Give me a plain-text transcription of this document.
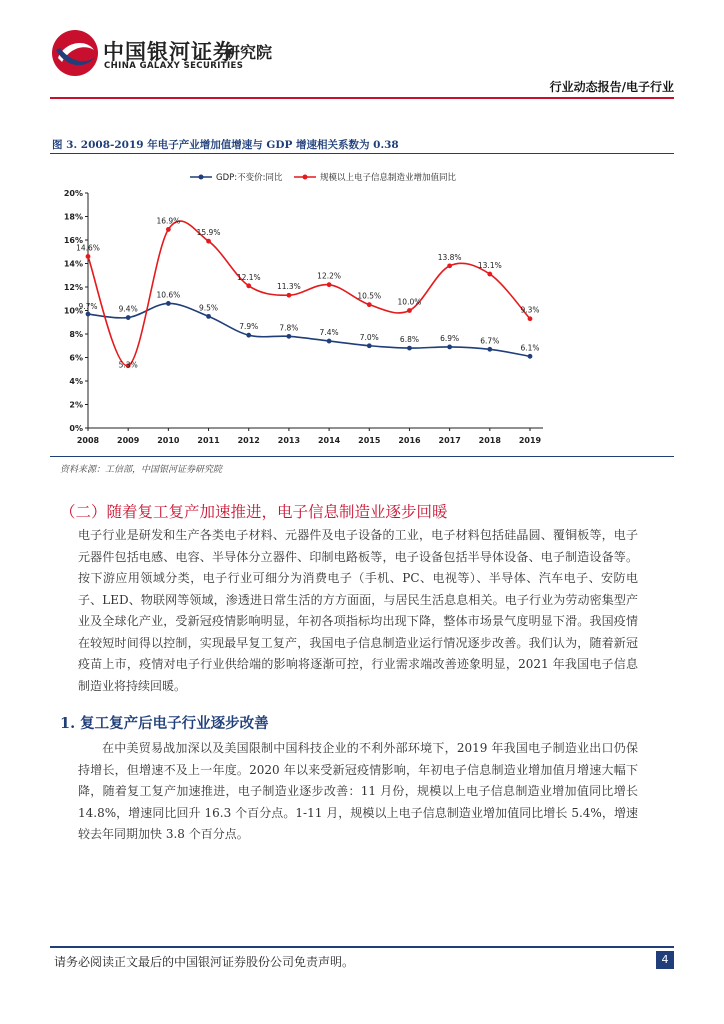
中国银河证券
研究院
CHINA GALAXY SECURITIES
行业动态报告/电子行业
图 3. 2008-2019 年电子产业增加值增速与 GDP 增速相关系数为 0.38
GDP:不变价:同比	规模以上电子信息制造业增加值同比
0%
2%
4%
6%
8%
10%
12%
14%
16%
18%
20%
2008 2009 2010 2011 2012 2013 2014 2015 2016 2017 2018 2019
9.7%	9.4%
10.6%
9.5%
7.9%	7.8%
7.4%
7.0%	6.8%	6.9%	6.7%
6.1%
14.6%
5.3%
16.9%
15.9%
12.1%
11.3%
12.2%
10.5%
10.0%
13.8%
13.1%
9.3%
资料来源：工信部，中国银河证券研究院
（二）随着复工复产加速推进，电子信息制造业逐步回暖
电子行业是研发和生产各类电子材料、元器件及电子设备的工业，电子材料包括硅晶圆、覆铜板等，电子元器件包括电感、电容、半导体分立器件、印制电路板等，电子设备包括半导体设备、电子制造设备等。按下游应用领域分类，电子行业可细分为消费电子（手机、PC、电视等）、半导体、汽车电子、安防电子、LED、物联网等领域，渗透进日常生活的方方面面，与居民生活息息相关。电子行业为劳动密集型产业及全球化产业，受新冠疫情影响明显，年初各项指标均出现下降，整体市场景气度明显下滑。我国疫情在较短时间得以控制，实现最早复工复产，我国电子信息制造业运行情况逐步改善。我们认为，随着新冠疫苗上市，疫情对电子行业供给端的影响将逐渐可控，行业需求端改善迹象明显，2021 年我国电子信息制造业将持续回暖。
1. 复工复产后电子行业逐步改善
在中美贸易战加深以及美国限制中国科技企业的不利外部环境下，2019 年我国电子制造业出口仍保持增长，但增速不及上一年度。2020 年以来受新冠疫情影响，年初电子信息制造业增加值月增速大幅下降，随着复工复产加速推进，电子制造业逐步改善：11 月份，规模以上电子信息制造业增加值同比增长 14.8%，增速同比回升 16.3 个百分点。1-11 月，规模以上电子信息制造业增加值同比增长 5.4%，增速较去年同期加快 3.8 个百分点。
请务必阅读正文最后的中国银河证券股份公司免责声明。	4
